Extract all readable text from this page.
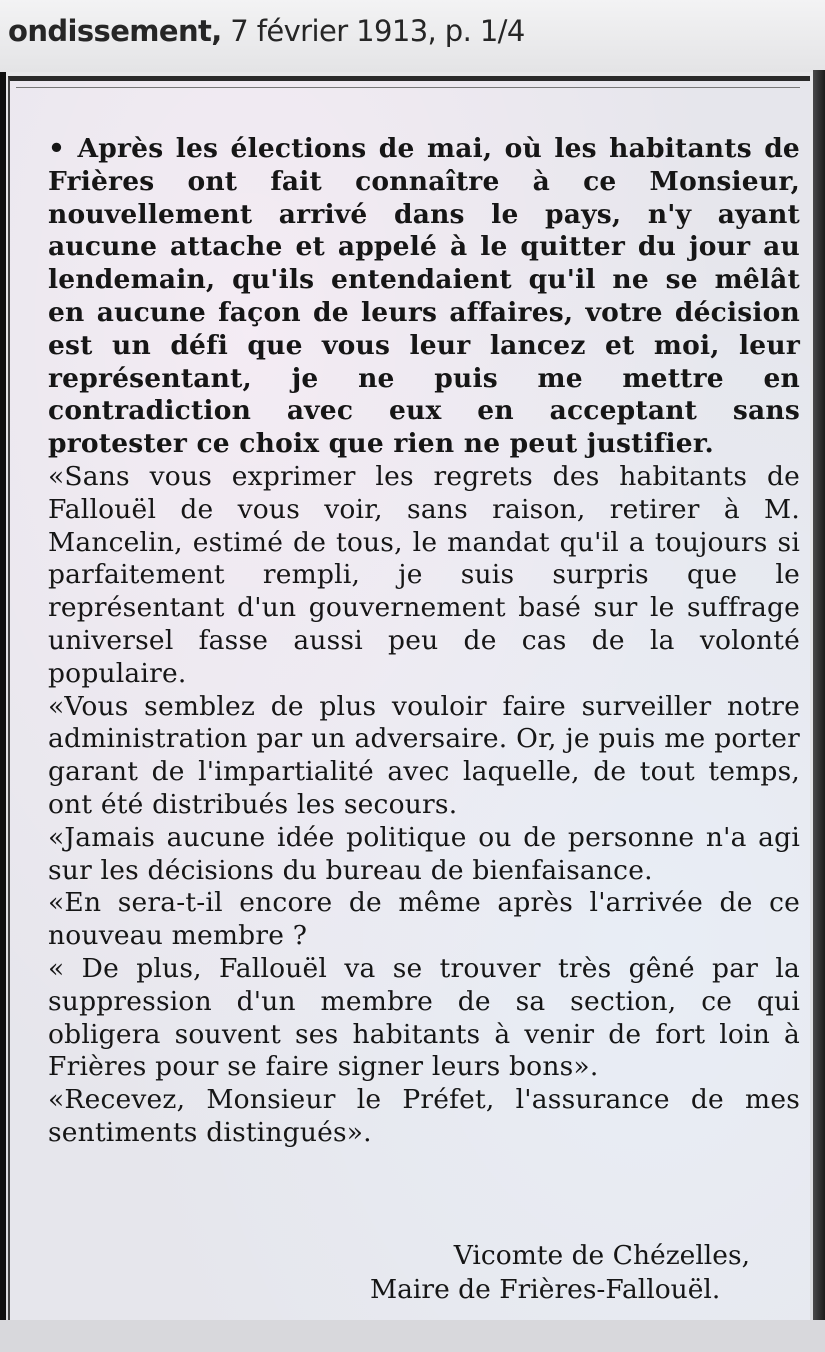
ondissement, 7 février 1913, p. 1/4

• Après les élections de mai, où les habitants de Frières ont fait connaître à ce Monsieur, nouvellement arrivé dans le pays, n'y ayant aucune attache et appelé à le quitter du jour au lendemain, qu'ils entendaient qu'il ne se mêlât en aucune façon de leurs affaires, votre décision est un défi que vous leur lancez et moi, leur représentant, je ne puis me mettre en contradiction avec eux en acceptant sans protester ce choix que rien ne peut justifier.

«Sans vous exprimer les regrets des habitants de Fallouël de vous voir, sans raison, retirer à M. Mancelin, estimé de tous, le mandat qu'il a toujours si parfaitement rempli, je suis surpris que le représentant d'un gouvernement basé sur le suffrage universel fasse aussi peu de cas de la volonté populaire.

«Vous semblez de plus vouloir faire surveiller notre administration par un adversaire. Or, je puis me porter garant de l'impartialité avec laquelle, de tout temps, ont été distribués les secours.

«Jamais aucune idée politique ou de personne n'a agi sur les décisions du bureau de bienfaisance.

«En sera-t-il encore de même après l'arrivée de ce nouveau membre ?

« De plus, Fallouël va se trouver très gêné par la suppression d'un membre de sa section, ce qui obligera souvent ses habitants à venir de fort loin à Frières pour se faire signer leurs bons».

«Recevez, Monsieur le Préfet, l'assurance de mes sentiments distingués».

Vicomte de Chézelles,
Maire de Frières-Fallouël.
